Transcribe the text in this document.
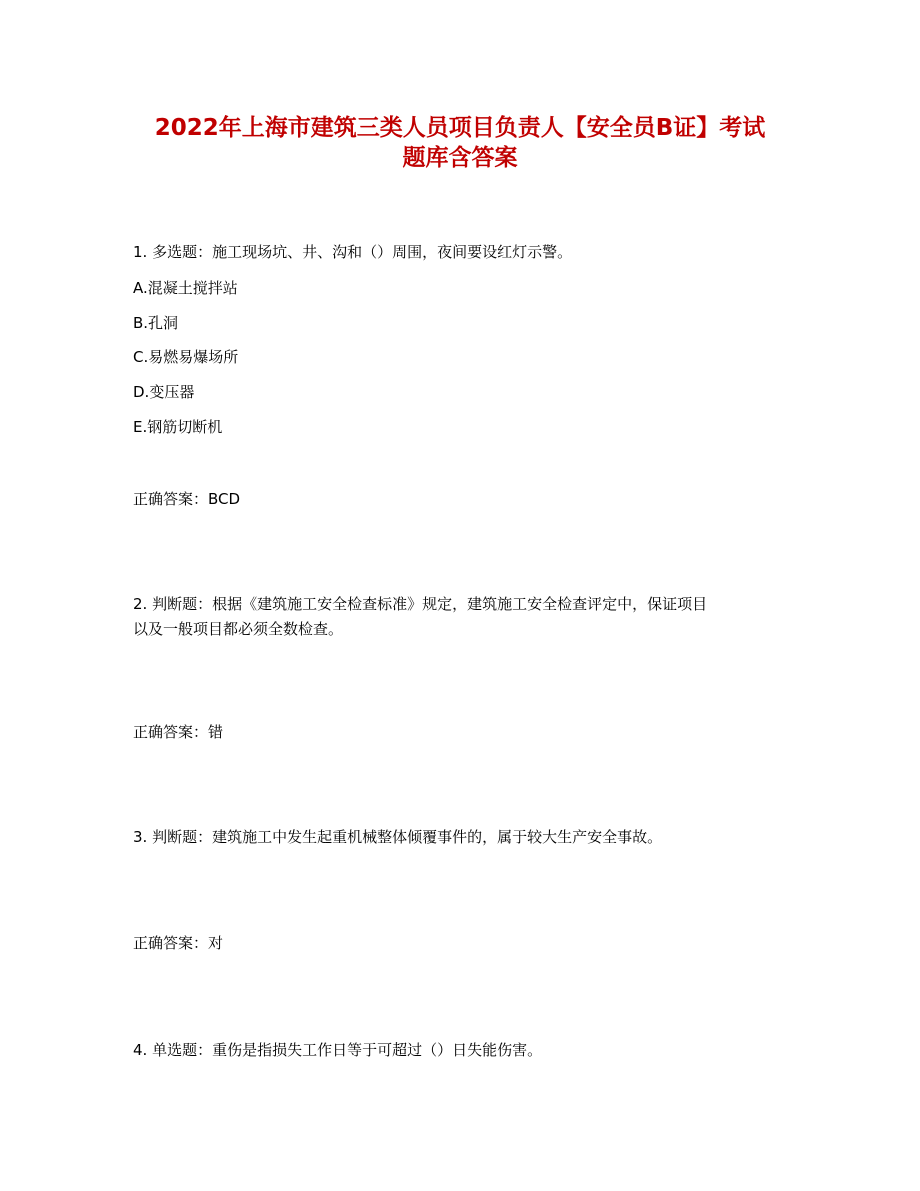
2022年上海市建筑三类人员项目负责人【安全员B证】考试
题库含答案
1. 多选题：施工现场坑、井、沟和（）周围，夜间要设红灯示警。
A.混凝土搅拌站
B.孔洞
C.易燃易爆场所
D.变压器
E.钢筋切断机
正确答案：BCD
2. 判断题：根据《建筑施工安全检查标准》规定，建筑施工安全检查评定中，保证项目
以及一般项目都必须全数检查。
正确答案：错
3. 判断题：建筑施工中发生起重机械整体倾覆事件的，属于较大生产安全事故。
正确答案：对
4. 单选题：重伤是指损失工作日等于可超过（）日失能伤害。
